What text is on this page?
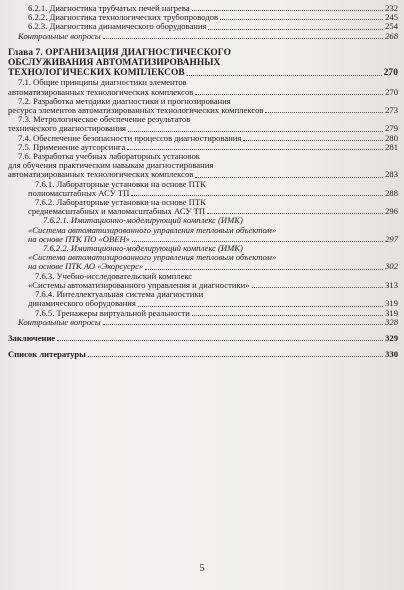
6.2.1. Диагностика трубчатых печей нагрева	232
6.2.2. Диагностика технологических трубопроводов	245
6.2.3. Диагностика динамического оборудования	254
Контрольные вопросы	268
Глава 7. ОРГАНИЗАЦИЯ ДИАГНОСТИЧЕСКОГО
ОБСЛУЖИВАНИЯ АВТОМАТИЗИРОВАННЫХ
ТЕХНОЛОГИЧЕСКИХ КОМПЛЕКСОВ	270
7.1. Общие принципы диагностики элементов
автоматизированных технологических комплексов	270
7.2. Разработка методики диагностики и прогнозирования
ресурса элементов автоматизированных технологических комплексов	273
7.3. Метрологическое обеспечение результатов
технического диагностирования	279
7.4. Обеспечение безопасности процессов диагностирования	280
7.5. Применение аутсорсинга	281
7.6. Разработка учебных лабораторных установок
для обучения практическим навыкам диагностирования
автоматизированных технологических комплексов	283
7.6.1. Лабораторные установки на основе ПТК
полномасштабных АСУ ТП	288
7.6.2. Лабораторные установки на основе ПТК
среднемасштабных и маломасштабных АСУ ТП	296
7.6.2.1. Имитационно-моделирующий комплекс (ИМК)
«Система автоматизированного управления тепловым объектом»
на основе ПТК ПО «ОВЕН»	297
7.6.2.2. Имитационно-моделирующий комплекс (ИМК)
«Система автоматизированного управления тепловым объектом»
на основе ПТК АО «Экорсусрс»	302
7.6.3. Учебно-исследовательский комплекс
«Системы автоматизированного управления и диагностики»	313
7.6.4. Интеллектуальная система диагностики
динамического оборудования	319
7.6.5. Тренажеры виртуальной реальности	319
Контрольные вопросы	328
Заключение	329
Список литературы	330
5
